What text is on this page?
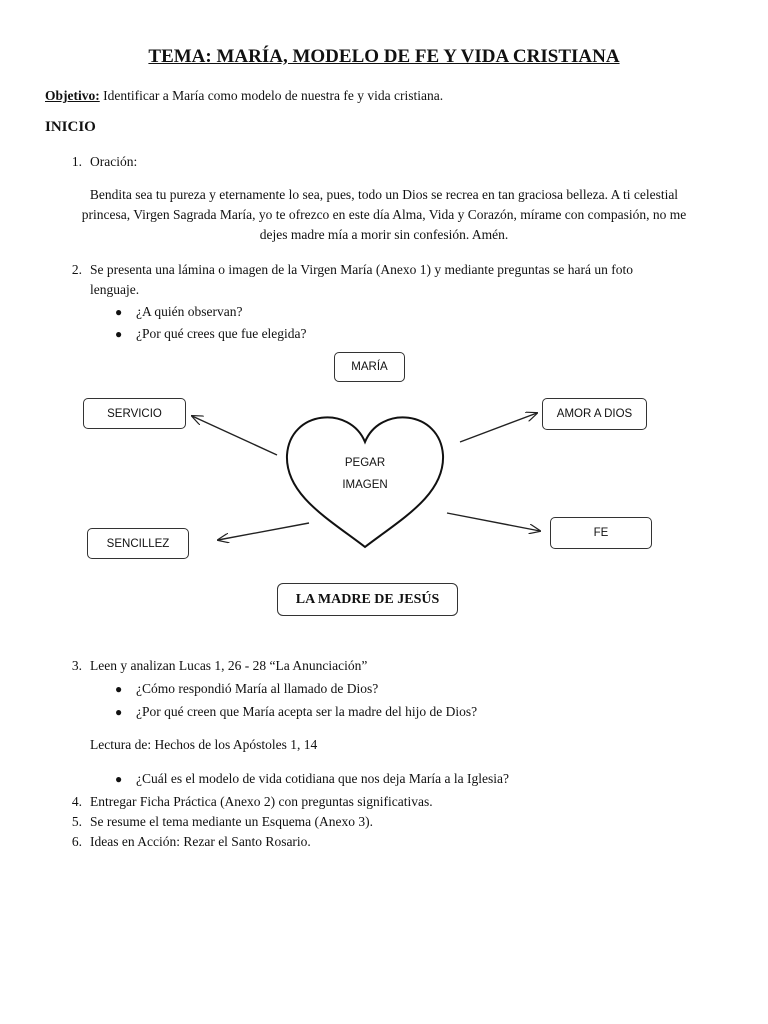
TEMA: MARÍA, MODELO DE FE Y VIDA CRISTIANA
Objetivo: Identificar a María como modelo de nuestra fe y vida cristiana.
INICIO
1. Oración:
Bendita sea tu pureza y eternamente lo sea, pues, todo un Dios se recrea en tan graciosa belleza. A ti celestial
princesa, Virgen Sagrada María, yo te ofrezco en este día Alma, Vida y Corazón, mírame con compasión, no me
dejes madre mía a morir sin confesión. Amén.
2. Se presenta una lámina o imagen de la Virgen María (Anexo 1) y mediante preguntas se hará un foto
lenguaje.
● ¿A quién observan?
● ¿Por qué crees que fue elegida?
MARÍA
SERVICIO	AMOR A DIOS
SENCILLEZ
FE
PEGAR
IMAGEN
LA MADRE DE JESÚS
3. Leen y analizan Lucas 1, 26 - 28 “La Anunciación”
● ¿Cómo respondió María al llamado de Dios?
● ¿Por qué creen que María acepta ser la madre del hijo de Dios?
Lectura de: Hechos de los Apóstoles 1, 14
● ¿Cuál es el modelo de vida cotidiana que nos deja María a la Iglesia?
4. Entregar Ficha Práctica (Anexo 2) con preguntas significativas.
5. Se resume el tema mediante un Esquema (Anexo 3).
6. Ideas en Acción: Rezar el Santo Rosario.
